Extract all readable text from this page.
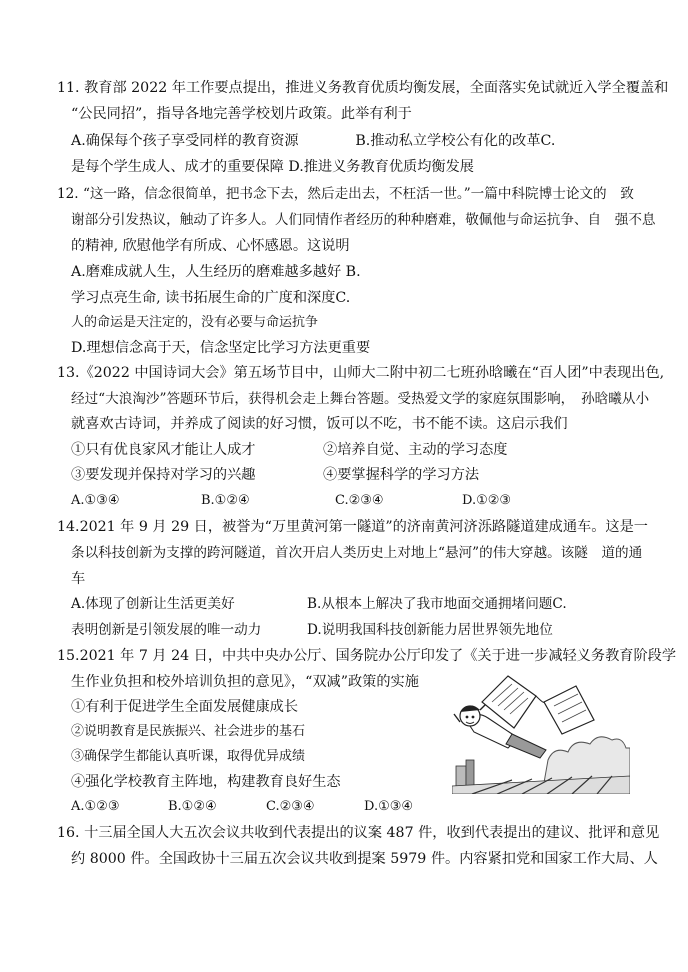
11. 教育部 2022 年工作要点提出，推进义务教育优质均衡发展，全面落实免试就近入学全覆盖和
“公民同招”，指导各地完善学校划片政策。此举有利于
A.确保每个孩子享受同样的教育资源　　　　B.推动私立学校公有化的改革C.
是每个学生成人、成才的重要保障 D.推进义务教育优质均衡发展
12. “这一路，信念很简单，把书念下去，然后走出去，不枉活一世。”一篇中科院博士论文的　致
谢部分引发热议，触动了许多人。人们同情作者经历的种种磨难，敬佩他与命运抗争、自　强不息
的精神, 欣慰他学有所成、心怀感恩。这说明
A.磨难成就人生，人生经历的磨难越多越好 B.
学习点亮生命, 读书拓展生命的广度和深度C.
人的命运是天注定的，没有必要与命运抗争
D.理想信念高于天，信念坚定比学习方法更重要
13.《2022 中国诗词大会》第五场节目中，山师大二附中初二七班孙晗曦在“百人团”中表现出色,
经过“大浪淘沙”答题环节后，获得机会走上舞台答题。受热爱文学的家庭氛围影响，　孙晗曦从小
就喜欢古诗词，并养成了阅读的好习惯，饭可以不吃，书不能不读。这启示我们
①只有优良家风才能让人成才	②培养自觉、主动的学习态度
③要发现并保持对学习的兴趣	④要掌握科学的学习方法
A.①③④	B.①②④	C.②③④	D.①②③
14.2021 年 9 月 29 日，被誉为“万里黄河第一隧道”的济南黄河济泺路隧道建成通车。这是一
条以科技创新为支撑的跨河隧道，首次开启人类历史上对地上“悬河”的伟大穿越。该隧　道的通
车
A.体现了创新让生活更美好	B.从根本上解决了我市地面交通拥堵问题C.
表明创新是引领发展的唯一动力	D.说明我国科技创新能力居世界领先地位
15.2021 年 7 月 24 日，中共中央办公厅、国务院办公厅印发了《关于进一步减轻义务教育阶段学
生作业负担和校外培训负担的意见》，“双减”政策的实施
①有利于促进学生全面发展健康成长
②说明教育是民族振兴、社会进步的基石
③确保学生都能认真听课，取得优异成绩
④强化学校教育主阵地，构建教育良好生态
A.①②③	B.①②④	C.②③④	D.①③④
16. 十三届全国人大五次会议共收到代表提出的议案 487 件，收到代表提出的建议、批评和意见
约 8000 件。全国政协十三届五次会议共收到提案 5979 件。内容紧扣党和国家工作大局、人
